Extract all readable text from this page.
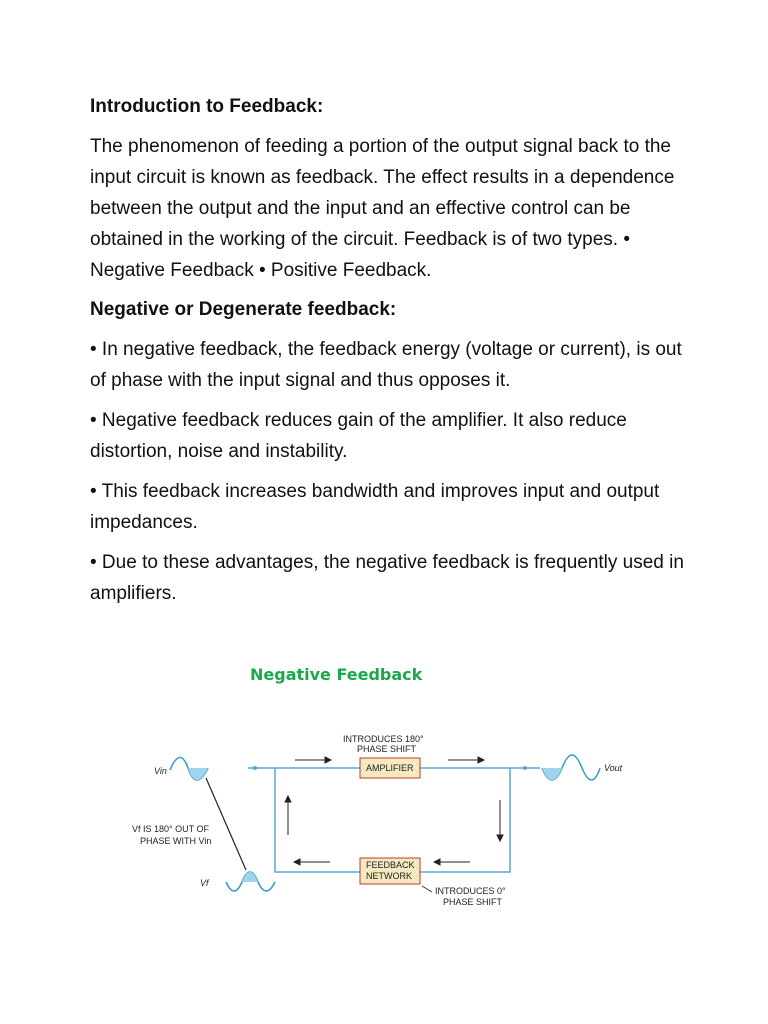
Introduction to Feedback:
The phenomenon of feeding a portion of the output signal back to the input circuit is known as feedback. The effect results in a dependence between the output and the input and an effective control can be obtained in the working of the circuit. Feedback is of two types. • Negative Feedback • Positive Feedback.
Negative or Degenerate feedback:
• In negative feedback, the feedback energy (voltage or current), is out of phase with the input signal and thus opposes it.
• Negative feedback reduces gain of the amplifier. It also reduce distortion, noise and instability.
• This feedback increases bandwidth and improves input and output impedances.
• Due to these advantages, the negative feedback is frequently used in amplifiers.
Negative Feedback
AMPLIFIER
INTRODUCES 180°
PHASE SHIFT
FEEDBACK
NETWORK
INTRODUCES 0°
PHASE SHIFT
Vin	Vout
Vf
Vf IS 180° OUT OF
PHASE WITH Vin
